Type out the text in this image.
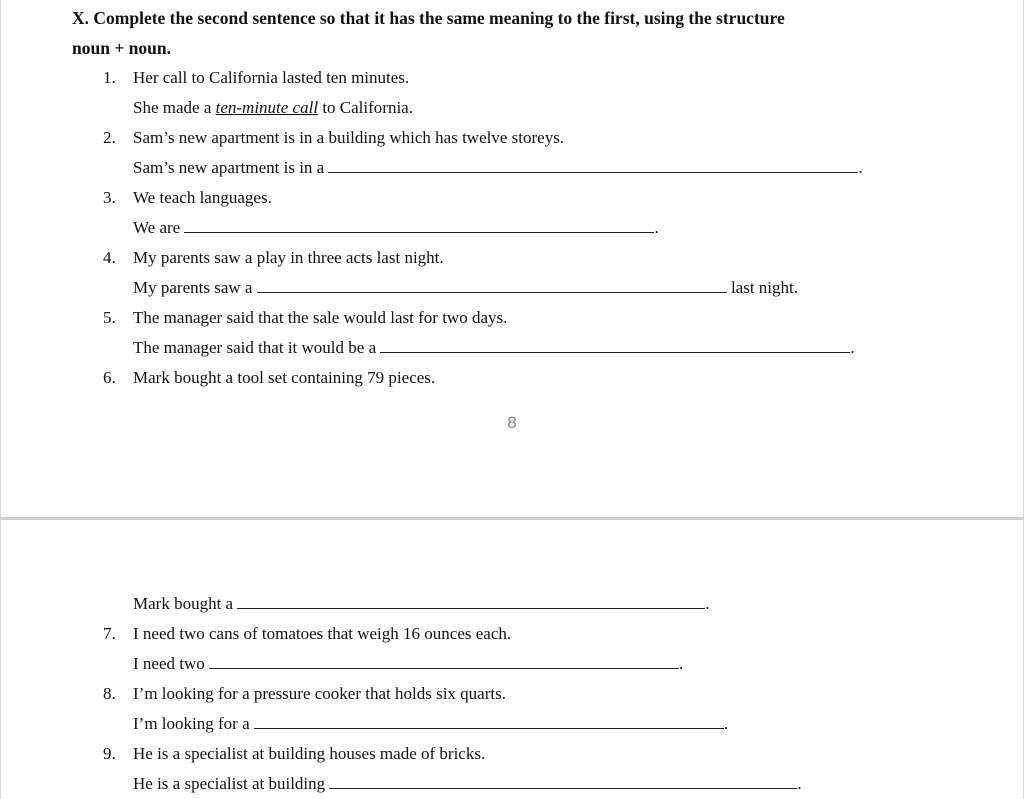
X. Complete the second sentence so that it has the same meaning to the first, using the structure
noun + noun.
1.	Her call to California lasted ten minutes.
She made a ten-minute call to California.
2.	Sam’s new apartment is in a building which has twelve storeys.
Sam’s new apartment is in a	.
3.	We teach languages.
We are	.
4.	My parents saw a play in three acts last night.
My parents saw a	last night.
5.	The manager said that the sale would last for two days.
The manager said that it would be a	.
6.	Mark bought a tool set containing 79 pieces.
8
Mark bought a	.
7.	I need two cans of tomatoes that weigh 16 ounces each.
I need two	.
8.	I’m looking for a pressure cooker that holds six quarts.
I’m looking for a	.
9.	He is a specialist at building houses made of bricks.
He is a specialist at building	.
